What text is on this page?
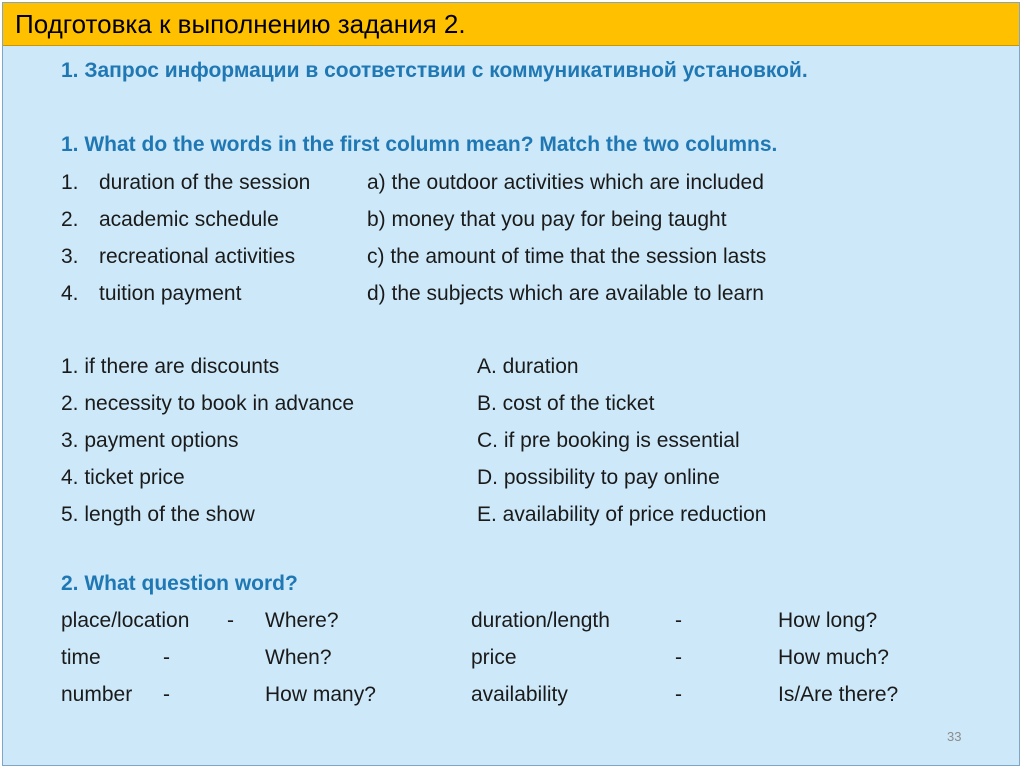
Подготовка к выполнению задания 2.
1. Запрос информации в соответствии с коммуникативной установкой.
1. What do the words in the first column mean? Match the two columns.
1. duration of the session	a) the outdoor activities which are included
2. academic schedule	b) money that you pay for being taught
3. recreational activities	c) the amount of time that the session lasts
4. tuition payment	d) the subjects which are available to learn
1. if there are discounts	A. duration
2. necessity to book in advance	B. cost of the ticket
3. payment options	C. if pre booking is essential
4. ticket price	D. possibility to pay online
5. length of the show	E. availability of price reduction
2. What question word?
place/location - Where?	duration/length	-	How long?
time	-	When?	price	-	How much?
number -	How many?	availability	-	Is/Are there?
33
